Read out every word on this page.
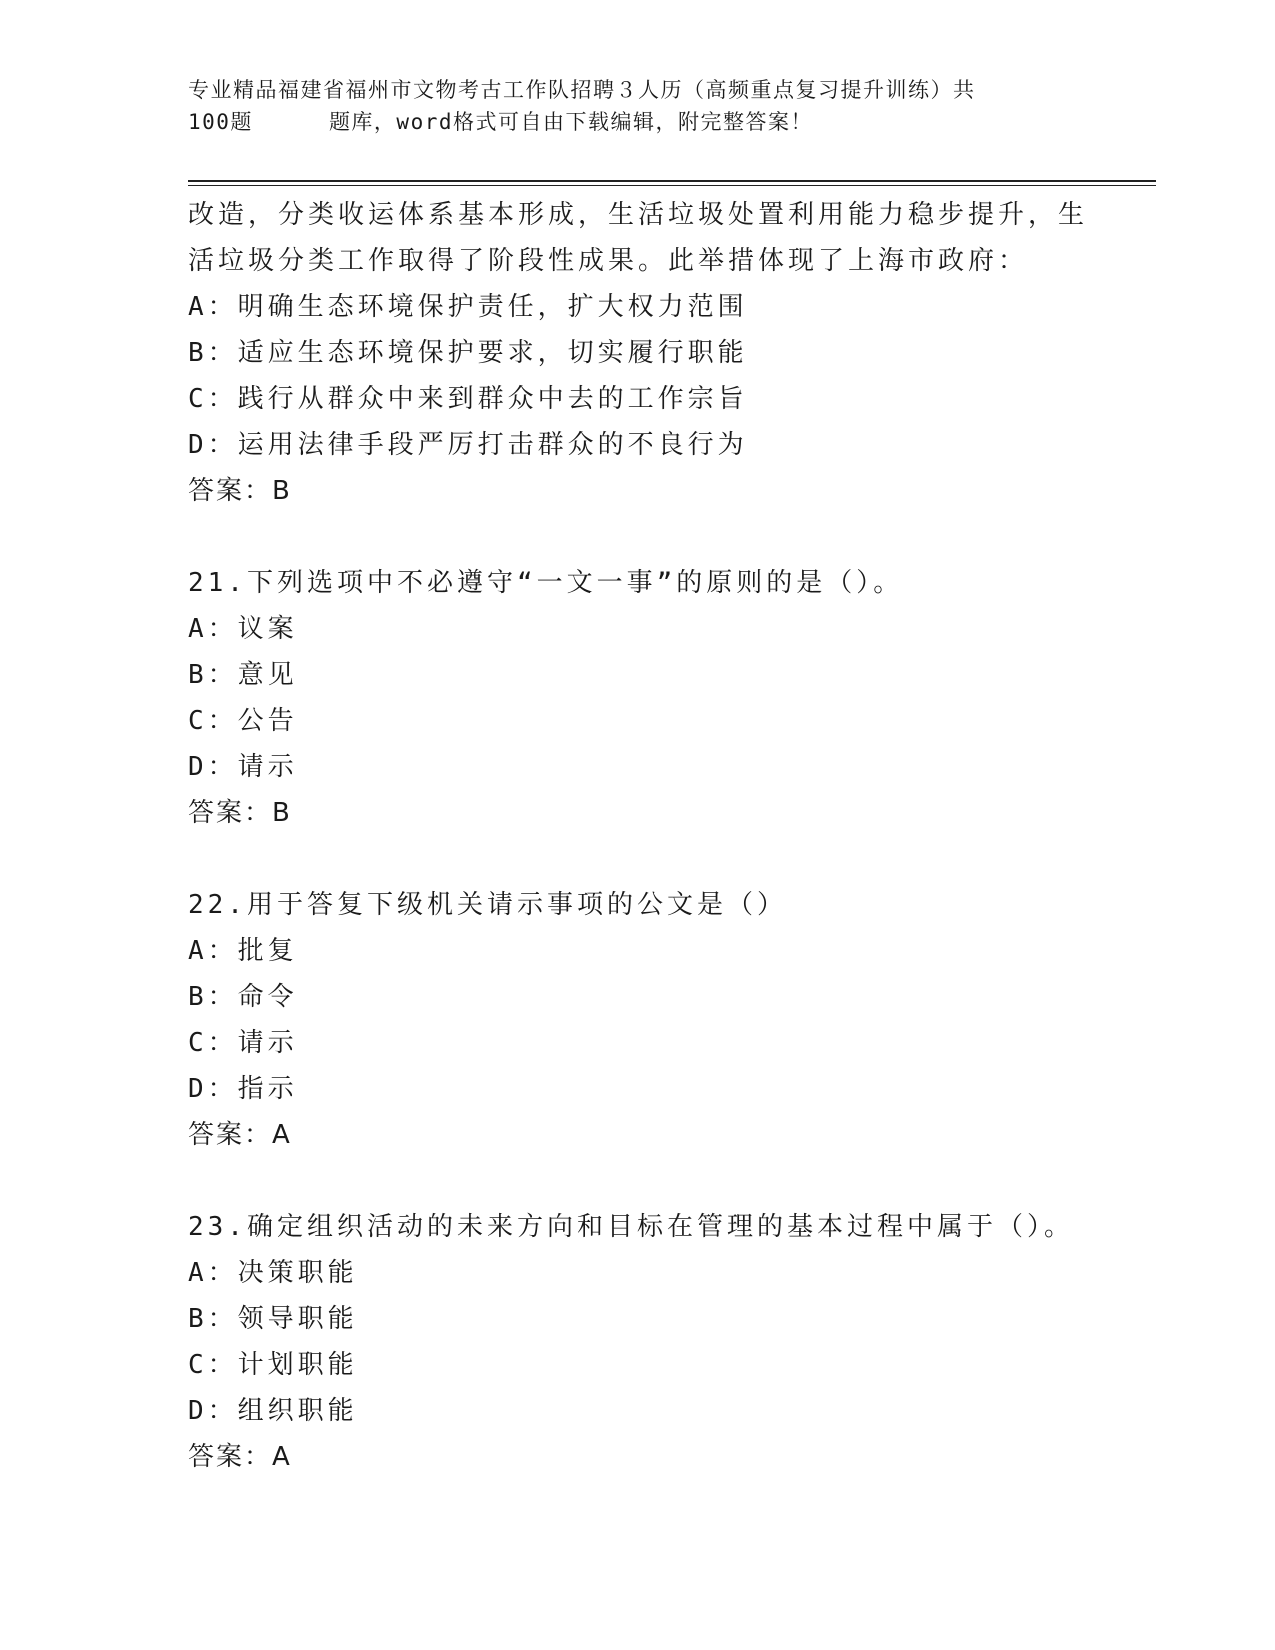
专业精品福建省福州市文物考古工作队招聘３人历（高频重点复习提升训练）共

100题	题库，word格式可自由下载编辑，附完整答案！
改造，分类收运体系基本形成，生活垃圾处置利用能力稳步提升，生
活垃圾分类工作取得了阶段性成果。此举措体现了上海市政府：
A：明确生态环境保护责任，扩大权力范围
B：适应生态环境保护要求，切实履行职能
C：践行从群众中来到群众中去的工作宗旨
D：运用法律手段严厉打击群众的不良行为
答案：B
21.下列选项中不必遵守“一文一事”的原则的是（）。
A：议案
B：意见
C：公告
D：请示
答案：B
22.用于答复下级机关请示事项的公文是（）
A：批复
B：命令
C：请示
D：指示
答案：A
23.确定组织活动的未来方向和目标在管理的基本过程中属于（）。
A：决策职能
B：领导职能
C：计划职能
D：组织职能
答案：A
